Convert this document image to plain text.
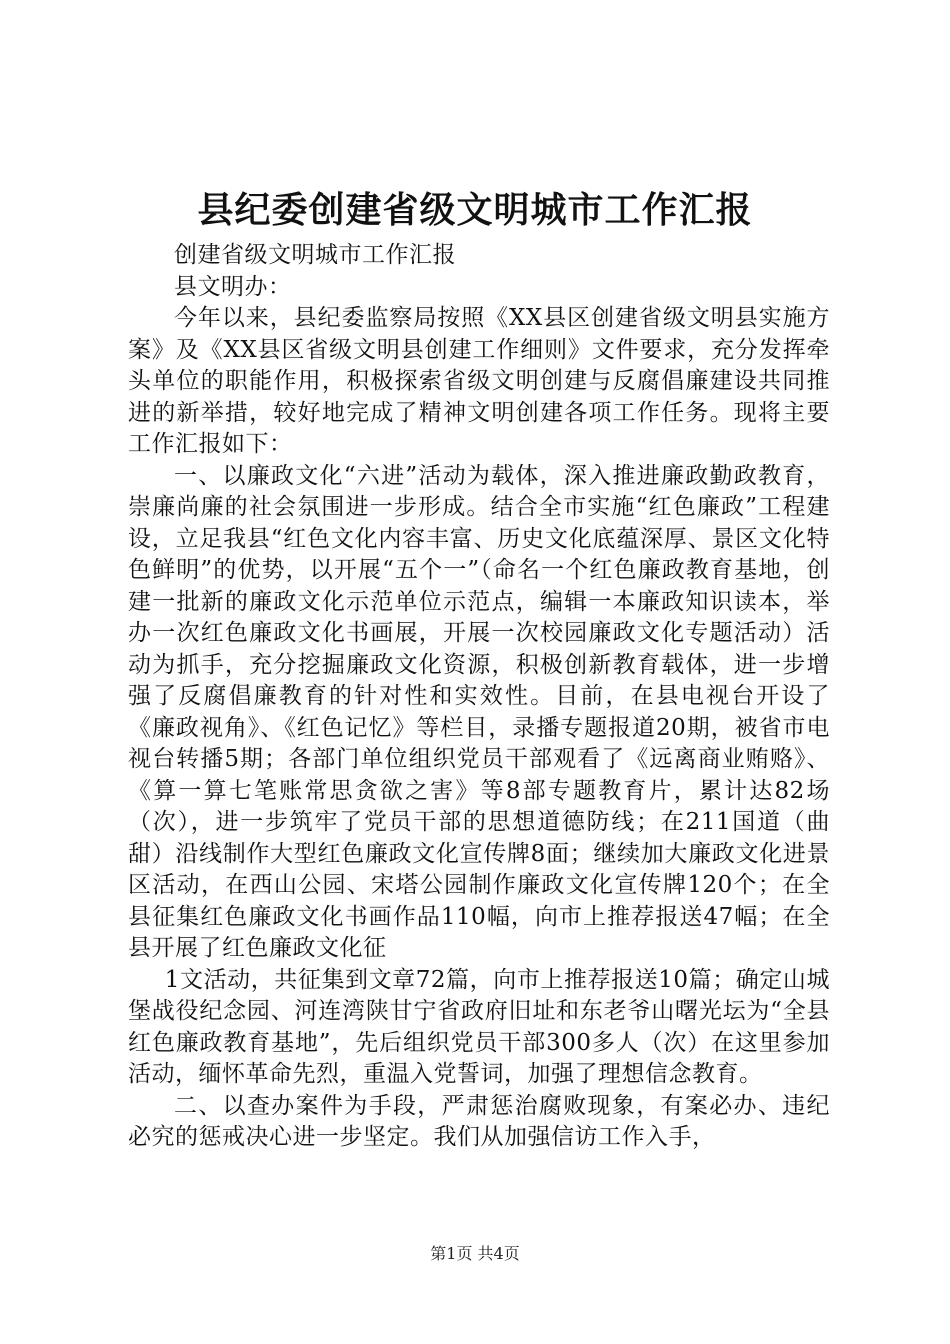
县纪委创建省级文明城市工作汇报

创建省级文明城市工作汇报

县文明办：

今年以来，县纪委监察局按照《XX县区创建省级文明县实施方案》及《XX县区省级文明县创建工作细则》文件要求，充分发挥牵头单位的职能作用，积极探索省级文明创建与反腐倡廉建设共同推进的新举措，较好地完成了精神文明创建各项工作任务。现将主要工作汇报如下：

一、以廉政文化“六进”活动为载体，深入推进廉政勤政教育，崇廉尚廉的社会氛围进一步形成。结合全市实施“红色廉政”工程建设，立足我县“红色文化内容丰富、历史文化底蕴深厚、景区文化特色鲜明”的优势，以开展“五个一”（命名一个红色廉政教育基地，创建一批新的廉政文化示范单位示范点，编辑一本廉政知识读本，举办一次红色廉政文化书画展，开展一次校园廉政文化专题活动）活动为抓手，充分挖掘廉政文化资源，积极创新教育载体，进一步增强了反腐倡廉教育的针对性和实效性。目前，在县电视台开设了《廉政视角》、《红色记忆》等栏目，录播专题报道20期，被省市电视台转播5期；各部门单位组织党员干部观看了《远离商业贿赂》、《算一算七笔账常思贪欲之害》等8部专题教育片，累计达82场（次），进一步筑牢了党员干部的思想道德防线；在211国道（曲甜）沿线制作大型红色廉政文化宣传牌8面；继续加大廉政文化进景区活动，在西山公园、宋塔公园制作廉政文化宣传牌120个；在全县征集红色廉政文化书画作品110幅，向市上推荐报送47幅；在全县开展了红色廉政文化征

1文活动，共征集到文章72篇，向市上推荐报送10篇；确定山城堡战役纪念园、河连湾陕甘宁省政府旧址和东老爷山曙光坛为“全县红色廉政教育基地”，先后组织党员干部300多人（次）在这里参加活动，缅怀革命先烈，重温入党誓词，加强了理想信念教育。

二、以查办案件为手段，严肃惩治腐败现象，有案必办、违纪必究的惩戒决心进一步坚定。我们从加强信访工作入手，

第1页 共4页
